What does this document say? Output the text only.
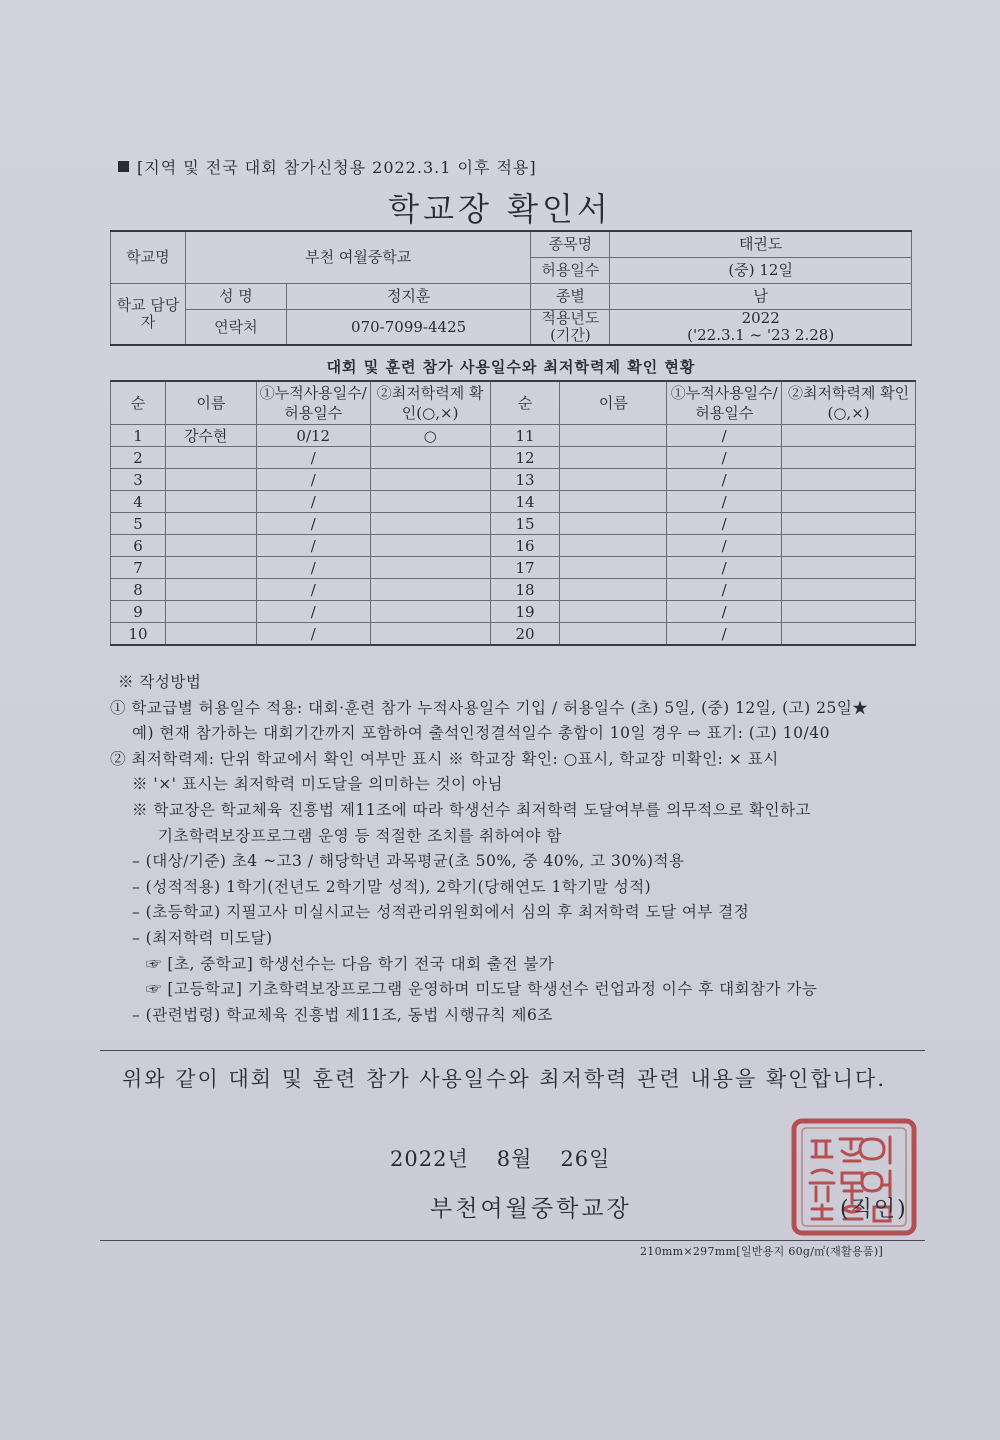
[지역 및 전국 대회 참가신청용 2022.3.1 이후 적용]
학교장 확인서
학교명	부천 여월중학교		종목명	태권도
			허용일수	(중) 12일
학교 담당자	성 명	정지훈	종별	남
	연락처	070-7099-4425	적용년도 (기간)	2022
('22.3.1 ~ '23 2.28)
대회 및 훈련 참가 사용일수와 최저학력제 확인 현황
순	이름	①누적사용일수/ 허용일수	②최저학력제 확인(○,×)	순	이름	①누적사용일수/ 허용일수	②최저학력제 확인(○,×)
1	강수현	0/12	○	11		/	
2		/		12		/	
3		/		13		/	
4		/		14		/	
5		/		15		/	
6		/		16		/	
7		/		17		/	
8		/		18		/	
9		/		19		/	
10		/		20		/	
※ 작성방법
① 학교급별 허용일수 적용: 대회·훈련 참가 누적사용일수 기입 / 허용일수 (초) 5일, (중) 12일, (고) 25일★
예) 현재 참가하는 대회기간까지 포함하여 출석인정결석일수 총합이 10일 경우 ⇨ 표기: (고) 10/40
② 최저학력제: 단위 학교에서 확인 여부만 표시 ※ 학교장 확인: ○표시, 학교장 미확인: × 표시
※ '×' 표시는 최저학력 미도달을 의미하는 것이 아님
※ 학교장은 학교체육 진흥법 제11조에 따라 학생선수 최저학력 도달여부를 의무적으로 확인하고
기초학력보장프로그램 운영 등 적절한 조치를 취하여야 함
– (대상/기준) 초4 ~고3 / 해당학년 과목평균(초 50%, 중 40%, 고 30%)적용
– (성적적용) 1학기(전년도 2학기말 성적), 2학기(당해연도 1학기말 성적)
– (초등학교) 지필고사 미실시교는 성적관리위원회에서 심의 후 최저학력 도달 여부 결정
– (최저학력 미도달)
☞ [초, 중학교] 학생선수는 다음 학기 전국 대회 출전 불가
☞ [고등학교] 기초학력보장프로그램 운영하며 미도달 학생선수 런업과정 이수 후 대회참가 가능
– (관련법령) 학교체육 진흥법 제11조, 동법 시행규칙 제6조
위와 같이 대회 및 훈련 참가 사용일수와 최저학력 관련 내용을 확인합니다.
2022년 8월 26일
부천여월중학교장	(직인)
210mm×297mm[일반용지 60g/㎡(재활용품)]
